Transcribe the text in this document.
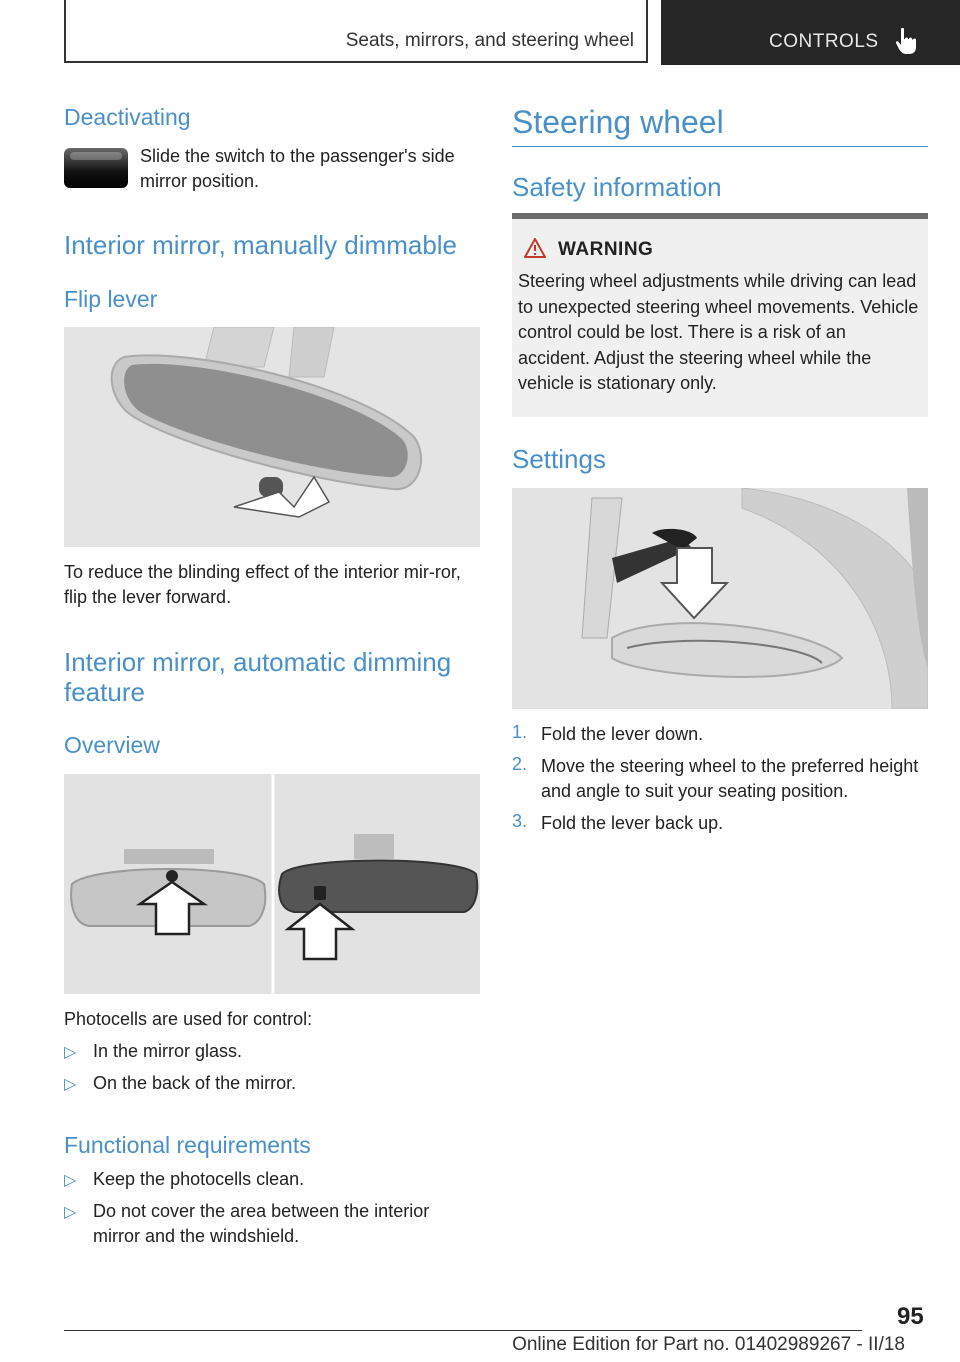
Seats, mirrors, and steering wheel	CONTROLS
Deactivating

Slide the switch to the passenger's side mirror position.

Interior mirror, manually dimmable
Flip lever

To reduce the blinding effect of the interior mir‐ror, flip the lever forward.

Interior mirror, automatic dimming feature
Overview

Photocells are used for control:

▷ In the mirror glass.
▷ On the back of the mirror.
Functional requirements
▷ Keep the photocells clean.
▷ Do not cover the area between the interior mirror and the windshield.
Steering wheel
Safety information
WARNING
Steering wheel adjustments while driving can lead to unexpected steering wheel movements. Vehicle control could be lost. There is a risk of an accident. Adjust the steering wheel while the vehicle is stationary only.
Settings
1. Fold the lever down.
2. Move the steering wheel to the preferred height and angle to suit your seating position.
3. Fold the lever back up.
95
Online Edition for Part no. 01402989267 - II/18
